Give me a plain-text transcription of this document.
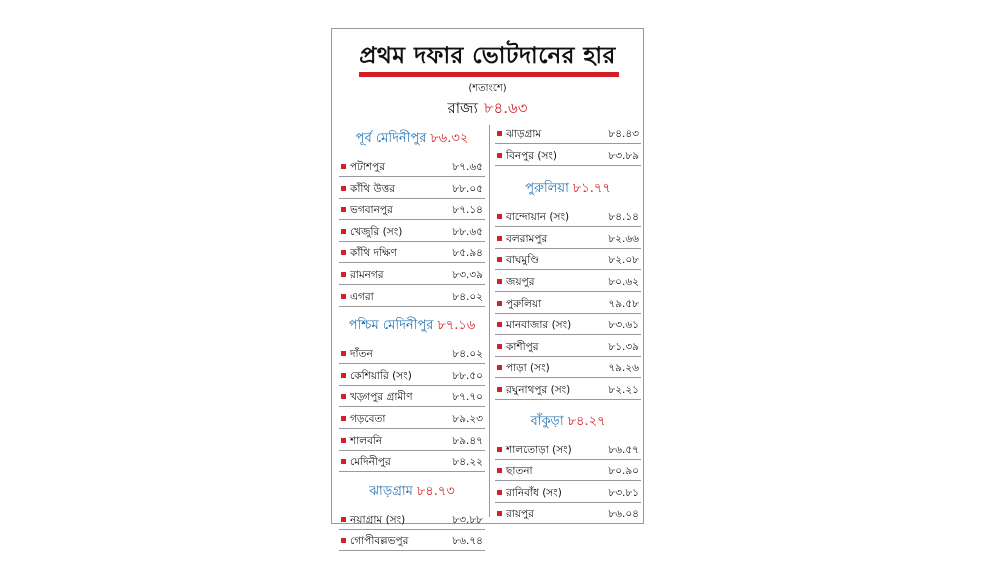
প্রথম দফার ভোটদানের হার
(শতাংশে)
রাজ্য ৮৪.৬৩
পূর্ব মেদিনীপুর ৮৬.৩২
পটাশপুর	৮৭.৬৫
কাঁথি উত্তর	৮৮.০৫
ভগবানপুর	৮৭.১৪
খেজুরি (সং)	৮৮.৬৫
কাঁথি দক্ষিণ	৮৫.৯৪
রামনগর	৮৩.৩৯
এগরা	৮৪.০২
পশ্চিম মেদিনীপুর ৮৭.১৬
দাঁতন	৮৪.০২
কেশিয়ারি (সং)	৮৮.৫০
খড়্গপুর গ্রামীণ	৮৭.৭০
গড়বেতা	৮৯.২৩
শালবনি	৮৯.৪৭
মেদিনীপুর	৮৪.২২
ঝাড়গ্রাম ৮৪.৭৩
নয়াগ্রাম (সং)	৮৩.৮৮
গোপীবল্লভপুর	৮৬.৭৪
ঝাড়গ্রাম	৮৪.৪৩
বিনপুর (সং)	৮৩.৮৯
পুরুলিয়া ৮১.৭৭
বান্দোয়ান (সং)	৮৪.১৪
বলরামপুর	৮২.৬৬
বাঘমুণ্ডি	৮২.০৮
জয়পুর	৮০.৬২
পুরুলিয়া	৭৯.৫৮
মানবাজার (সং)	৮৩.৬১
কাশীপুর	৮১.৩৯
পাড়া (সং)	৭৯.২৬
রঘুনাথপুর (সং)	৮২.২১
বাঁকুড়া ৮৪.২৭
শালতোড়া (সং)	৮৬.৫৭
ছাতনা	৮০.৯০
রানিবাঁধ (সং)	৮৩.৮১
রায়পুর	৮৬.০৪
